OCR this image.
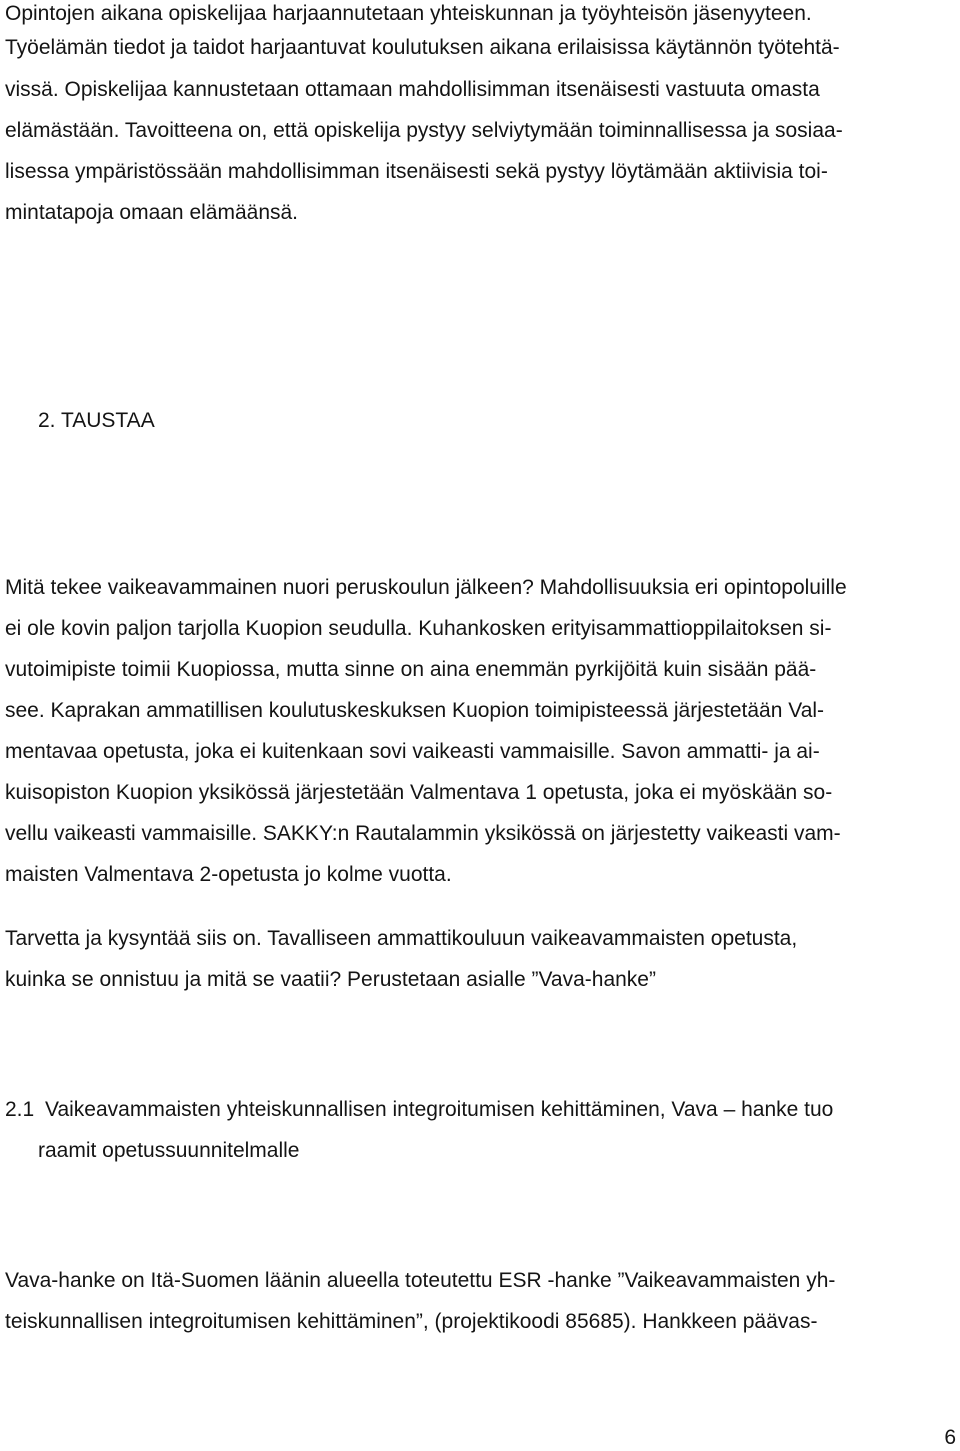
Opintojen aikana opiskelijaa harjaannutetaan yhteiskunnan ja työyhteisön jäsenyyteen.
Työelämän tiedot ja taidot harjaantuvat koulutuksen aikana erilaisissa käytännön työtehtä-
vissä. Opiskelijaa kannustetaan ottamaan mahdollisimman itsenäisesti vastuuta omasta
elämästään. Tavoitteena on, että opiskelija pystyy selviytymään toiminnallisessa ja sosiaa-
lisessa ympäristössään mahdollisimman itsenäisesti sekä pystyy löytämään aktiivisia toi-
mintatapoja omaan elämäänsä.
2. TAUSTAA
Mitä tekee vaikeavammainen nuori peruskoulun jälkeen? Mahdollisuuksia eri opintopoluille
ei ole kovin paljon tarjolla Kuopion seudulla. Kuhankosken erityisammattioppilaitoksen si-
vutoimipiste toimii Kuopiossa, mutta sinne on aina enemmän pyrkijöitä kuin sisään pää-
see. Kaprakan ammatillisen koulutuskeskuksen Kuopion toimipisteessä järjestetään Val-
mentavaa opetusta, joka ei kuitenkaan sovi vaikeasti vammaisille. Savon ammatti- ja ai-
kuisopiston Kuopion yksikössä järjestetään Valmentava 1 opetusta, joka ei myöskään so-
vellu vaikeasti vammaisille. SAKKY:n Rautalammin yksikössä on järjestetty vaikeasti vam-
maisten Valmentava 2-opetusta jo kolme vuotta.
Tarvetta ja kysyntää siis on. Tavalliseen ammattikouluun vaikeavammaisten opetusta,
kuinka se onnistuu ja mitä se vaatii? Perustetaan asialle ”Vava-hanke”
2.1 Vaikeavammaisten yhteiskunnallisen integroitumisen kehittäminen, Vava – hanke tuo
raamit opetussuunnitelmalle
Vava-hanke on Itä-Suomen läänin alueella toteutettu ESR -hanke ”Vaikeavammaisten yh-
teiskunnallisen integroitumisen kehittäminen”, (projektikoodi 85685). Hankkeen päävas-
6
